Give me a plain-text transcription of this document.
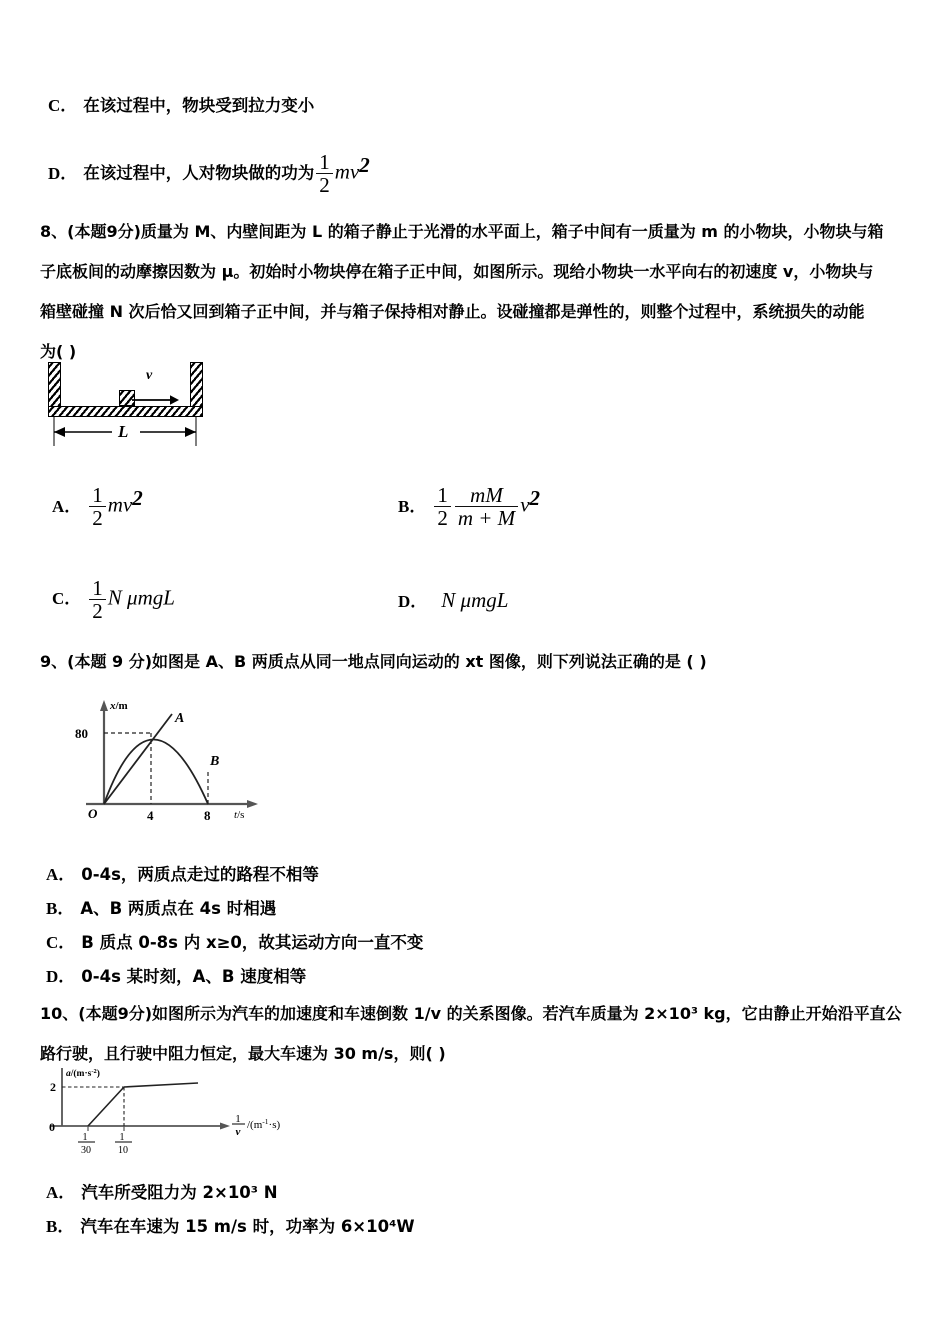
C． 在该过程中，物块受到拉力变小
D． 在该过程中，人对物块做的功为 $\frac{1}{2} mv2$
8、(本题9分)质量为 M、内壁间距为 L 的箱子静止于光滑的水平面上，箱子中间有一质量为 m 的小物块，小物块与箱
子底板间的动摩擦因数为 μ。初始时小物块停在箱子正中间，如图所示。现给小物块一水平向右的初速度 v，小物块与
箱壁碰撞 N 次后恰又回到箱子正中间，并与箱子保持相对静止。设碰撞都是弹性的，则整个过程中，系统损失的动能
为( )
v
L
A． $\frac{1}{2} mv2$	B． $\frac{1}{2} \frac{mM}{m + M} v2$
C． $\frac{1}{2}$ N μmgL	D． N μmgL
9、(本题 9 分)如图是 A、B 两质点从同一地点同向运动的 xt 图像，则下列说法正确的是 ( )
x/m
t/s
O
80
4	8
A
B
A． 0-4s，两质点走过的路程不相等
B． A、B 两质点在 4s 时相遇
C． B 质点 0-8s 内 x≥0，故其运动方向一直不变
D． 0-4s 某时刻，A、B 速度相等
10、(本题9分)如图所示为汽车的加速度和车速倒数 1/v 的关系图像。若汽车质量为 2×10³ kg，它由静止开始沿平直公
路行驶，且行驶中阻力恒定，最大车速为 30 m/s，则( )
$a/(m\cdot s^{-2})$
0
2
1
30
1
10
1
v
$/(m^{-1}\cdot s)$
A． 汽车所受阻力为 2×10³ N
B． 汽车在车速为 15 m/s 时，功率为 6×10⁴W
